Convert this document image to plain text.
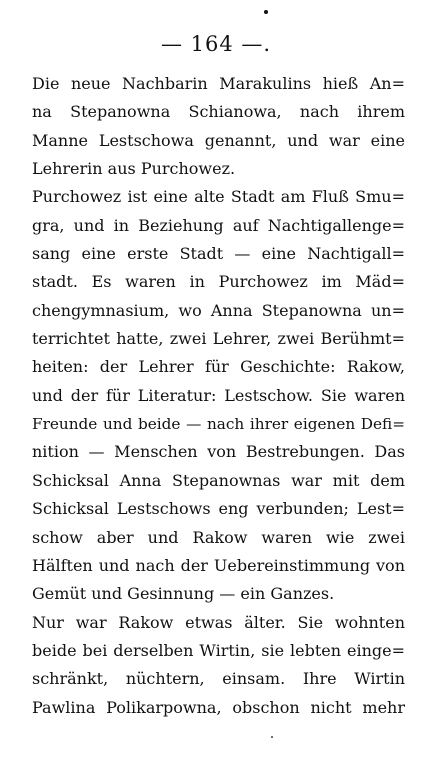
— 164 —.
Die neue Nachbarin Marakulins hieß An=
na Stepanowna Schianowa, nach ihrem
Manne Lestschowa genannt, und war eine
Lehrerin aus Purchowez.
Purchowez ist eine alte Stadt am Fluß Smu=
gra, und in Beziehung auf Nachtigallenge=
sang eine erste Stadt — eine Nachtigall=
stadt. Es waren in Purchowez im Mäd=
chengymnasium, wo Anna Stepanowna un=
terrichtet hatte, zwei Lehrer, zwei Berühmt=
heiten: der Lehrer für Geschichte: Rakow,
und der für Literatur: Lestschow. Sie waren
Freunde und beide — nach ihrer eigenen Defi=
nition — Menschen von Bestrebungen. Das
Schicksal Anna Stepanownas war mit dem
Schicksal Lestschows eng verbunden; Lest=
schow aber und Rakow waren wie zwei
Hälften und nach der Uebereinstimmung von
Gemüt und Gesinnung — ein Ganzes.
Nur war Rakow etwas älter. Sie wohnten
beide bei derselben Wirtin, sie lebten einge=
schränkt, nüchtern, einsam. Ihre Wirtin
Pawlina Polikarpowna, obschon nicht mehr
